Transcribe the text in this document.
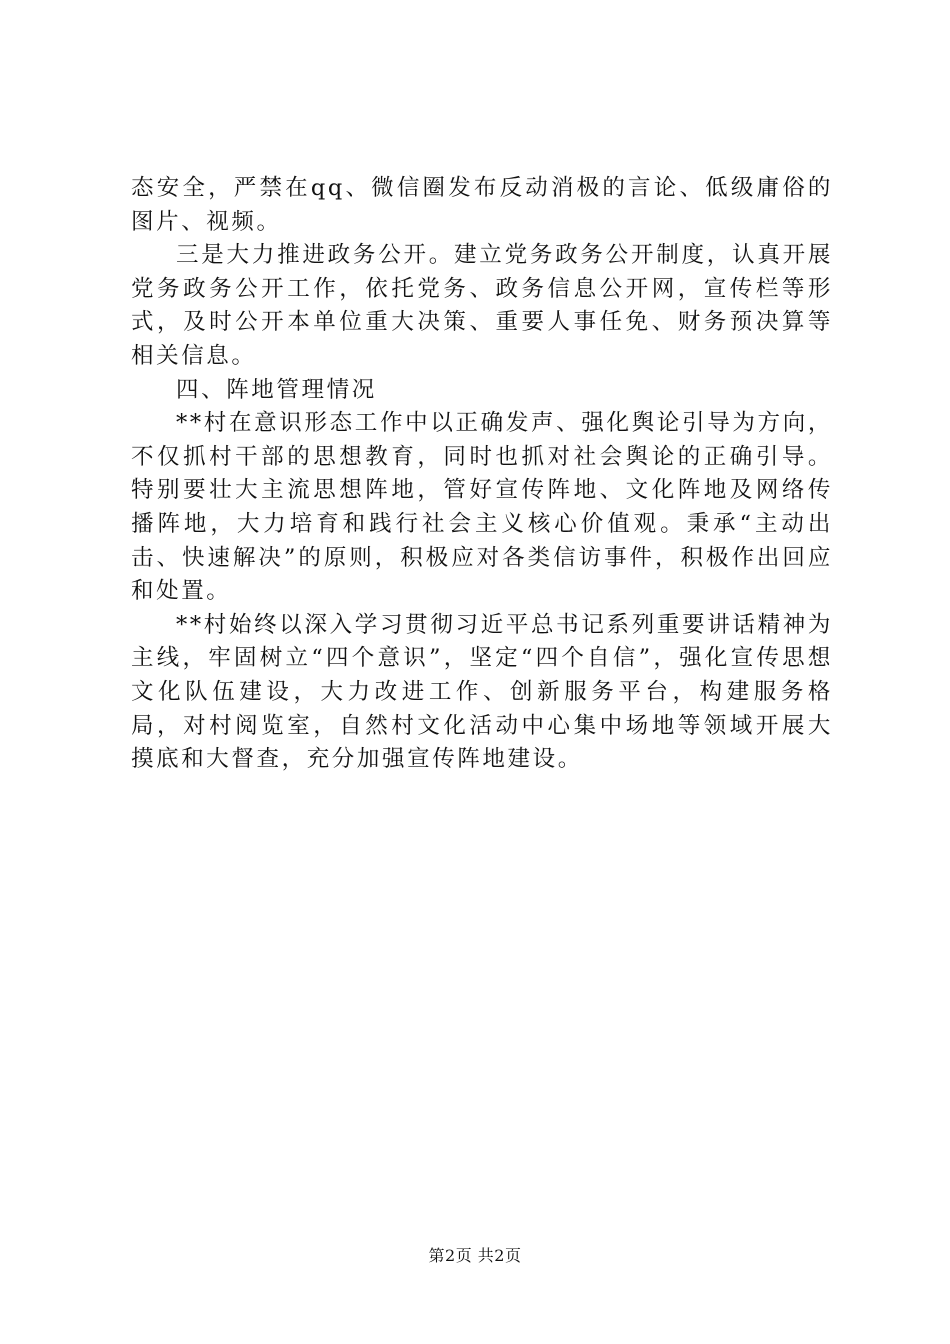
态安全，严禁在qq、微信圈发布反动消极的言论、低级庸俗的图片、视频。

三是大力推进政务公开。建立党务政务公开制度，认真开展党务政务公开工作，依托党务、政务信息公开网，宣传栏等形式，及时公开本单位重大决策、重要人事任免、财务预决算等相关信息。

四、阵地管理情况

**村在意识形态工作中以正确发声、强化舆论引导为方向，不仅抓村干部的思想教育，同时也抓对社会舆论的正确引导。特别要壮大主流思想阵地，管好宣传阵地、文化阵地及网络传播阵地，大力培育和践行社会主义核心价值观。秉承“主动出击、快速解决”的原则，积极应对各类信访事件，积极作出回应和处置。

**村始终以深入学习贯彻习近平总书记系列重要讲话精神为主线，牢固树立“四个意识”，坚定“四个自信”，强化宣传思想文化队伍建设，大力改进工作、创新服务平台，构建服务格局，对村阅览室，自然村文化活动中心集中场地等领域开展大摸底和大督查，充分加强宣传阵地建设。

第2页 共2页
